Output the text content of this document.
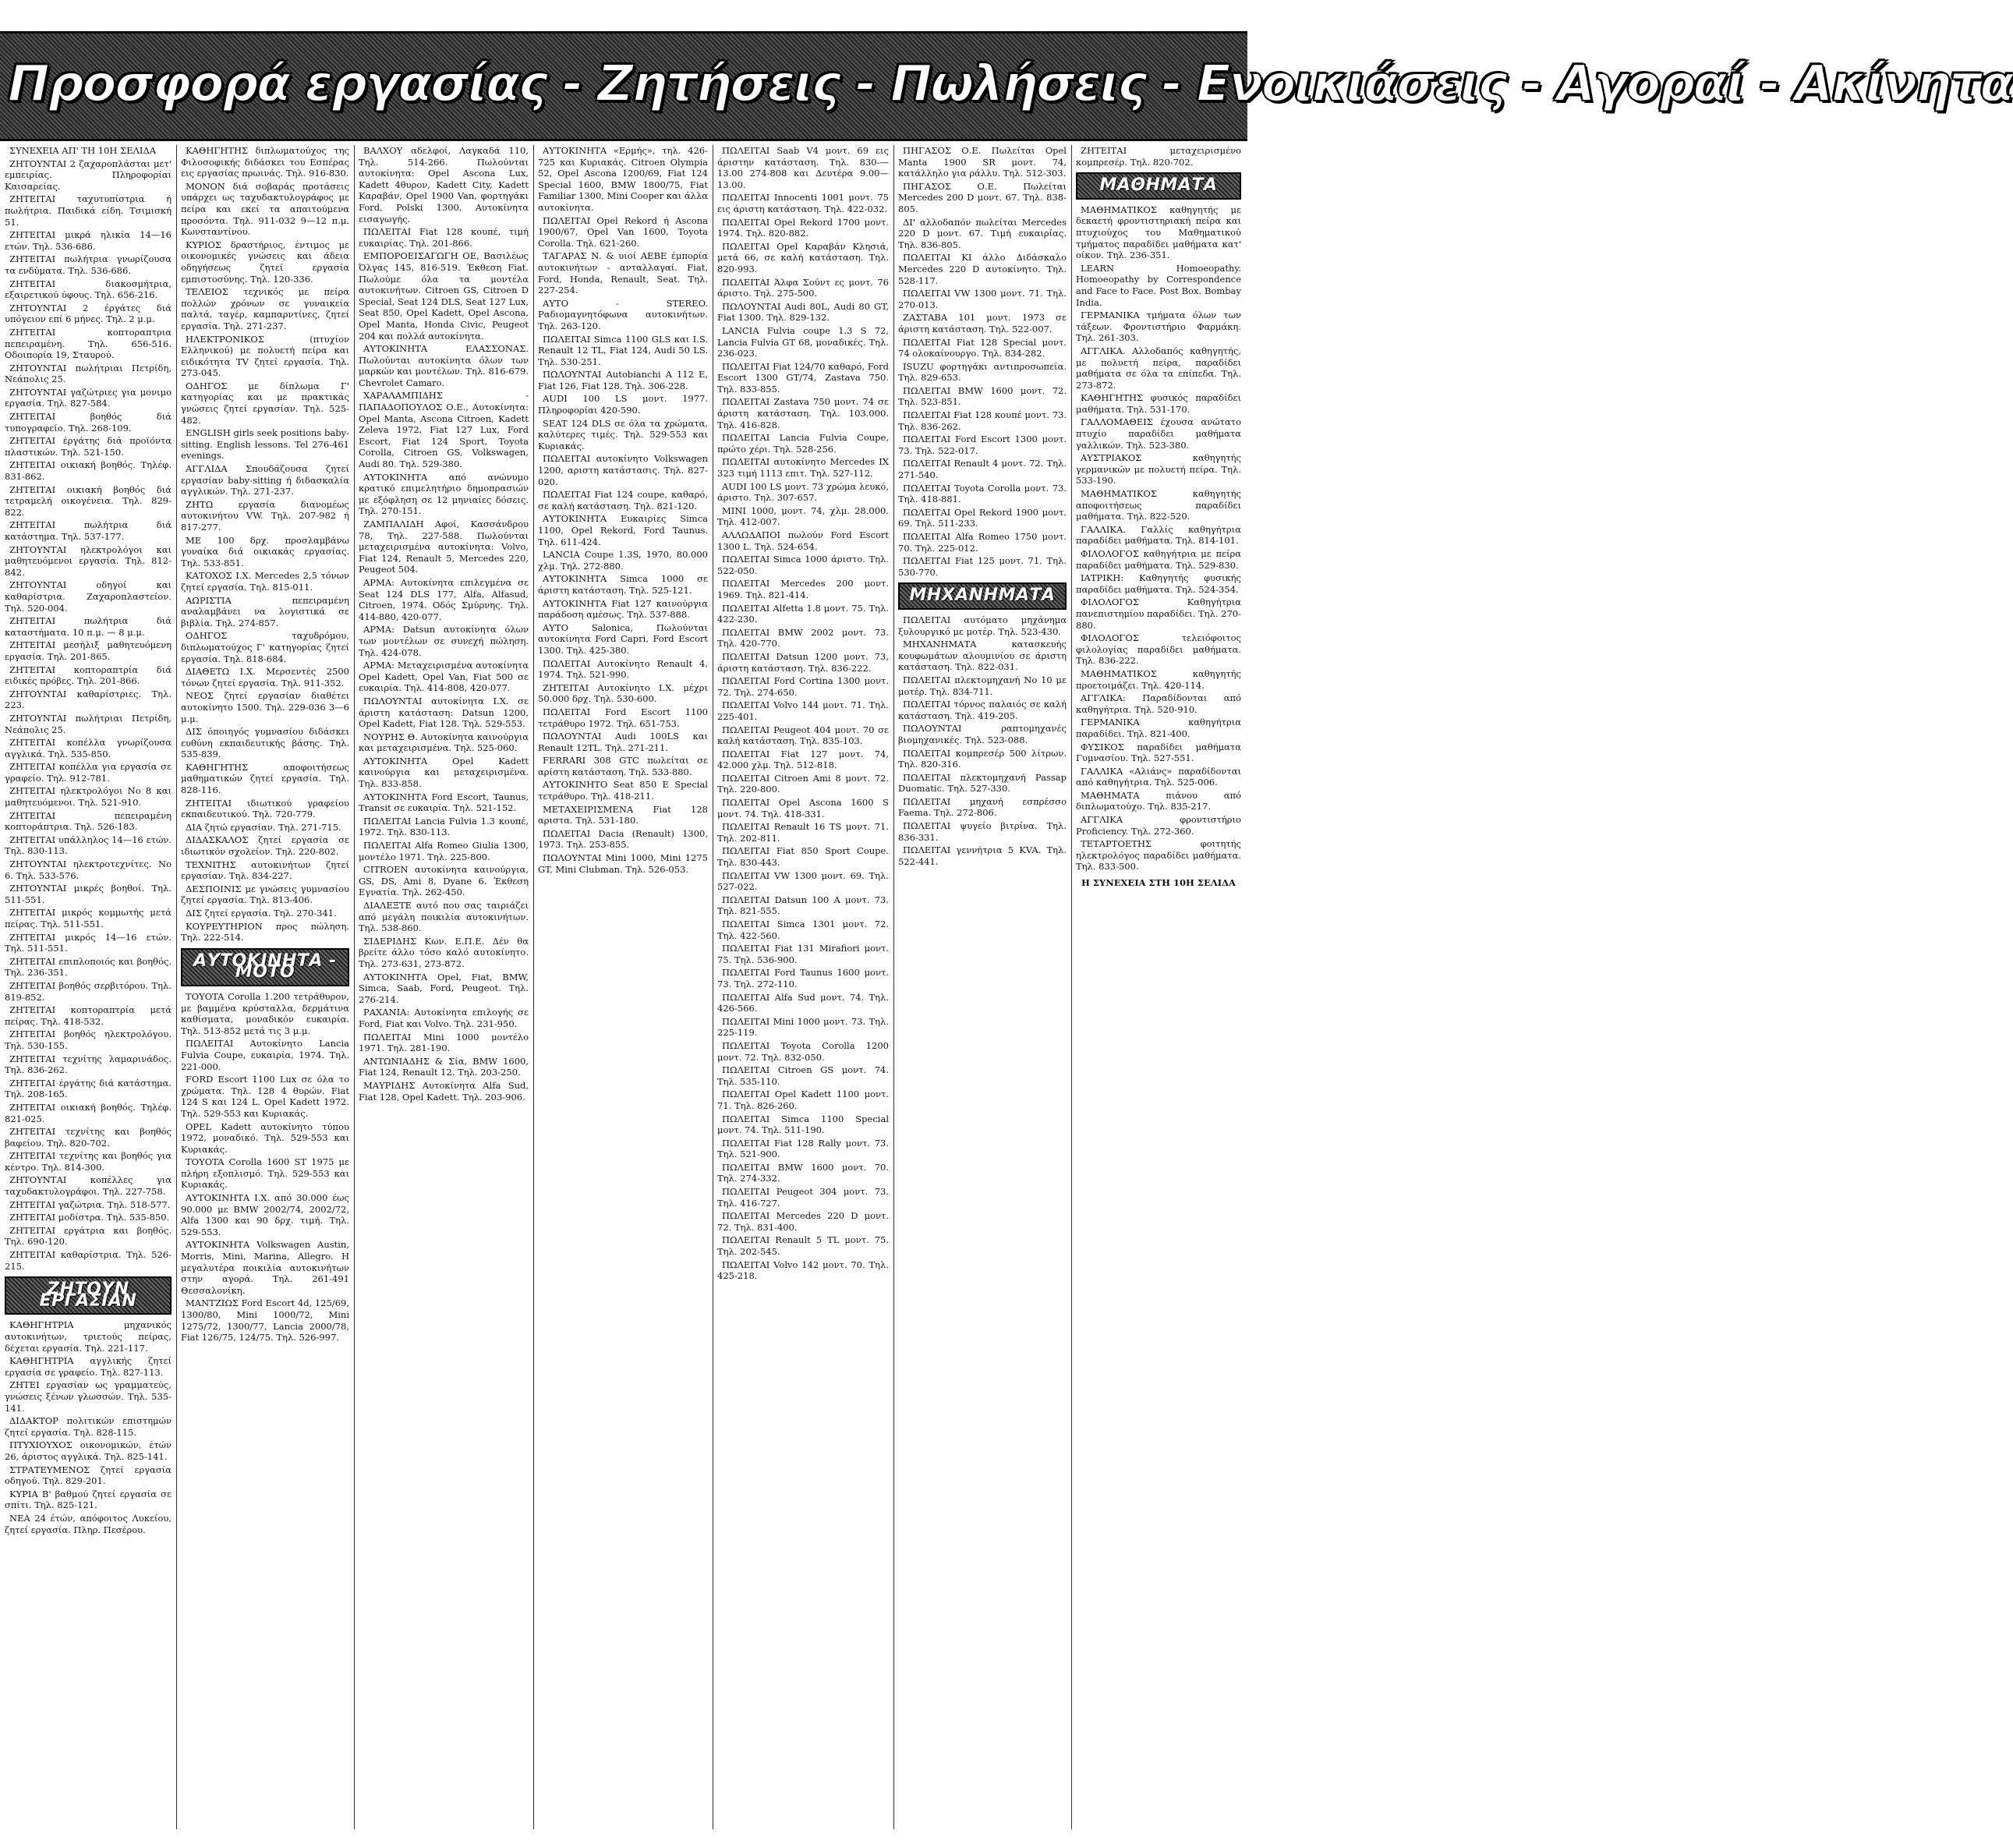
Προσφορά εργασίας - Ζητήσεις - Πωλήσεις - Ενοικιάσεις - Αγοραί - Ακίνητα

ΣΥΝΕΧΕΙΑ ΑΠ' ΤΗ 10Η ΣΕΛΙΔΑ

ΖΗΤΟΥΝΤΑΙ 2 ζαχαροπλάσται μετ' εμπειρίας. Πληροφορίαι Καισαρείας.

ΖΗΤΕΙΤΑΙ ταχυτυπίστρια ή πωλήτρια. Παιδικά είδη. Τσιμισκή 51.

ΖΗΤΕΙΤΑΙ μικρά ηλικία 14—16 ετών. Τηλ. 536-686.

ΖΗΤΕΙΤΑΙ πωλήτρια γνωρίζουσα τα ενδύματα. Τηλ. 536-686.

ΖΗΤΕΙΤΑΙ διακοσμήτρια, εξαιρετικού ύφους. Τηλ. 656-216.

ΖΗΤΟΥΝΤΑΙ 2 έργάτες διά υπόγειον επί 6 μήνες. Τηλ. 2 μ.μ.

ΖΗΤΕΙΤΑΙ κοπτοραπτρια πεπειραμένη. Τηλ. 656-516. Οδοιπορία 19, Σταυρού.

ΖΗΤΟΥΝΤΑΙ πωλήτριαι Πετρίδη, Νεάπολις 25.

ΖΗΤΟΥΝΤΑΙ γαζώτριες για μονιμο εργασία. Τηλ. 827-584.

ΖΗΤΕΙΤΑΙ βοηθός διά τυπογραφείο. Τηλ. 268-109.

ΖΗΤΕΙΤΑΙ έργάτης διά προϊόντα πλαστικών. Τηλ. 521-150.

ΖΗΤΕΙΤΑΙ οικιακή βοηθός. Τηλέφ. 831-862.

ΖΗΤΕΙΤΑΙ οικιακή βοηθός διά τετραμελή οικογένεια. Τηλ. 829-822.

ΖΗΤΕΙΤΑΙ πωλήτρια διά κατάστημα. Τηλ. 537-177.

ΖΗΤΟΥΝΤΑΙ ηλεκτρολόγοι και μαθητευόμενοι εργασία. Τηλ. 812-842.

ΖΗΤΟΥΝΤΑΙ οδηγοί και καθαρίστρια. Ζαχαροπλαστείον. Τηλ. 520-004.

ΖΗΤΕΙΤΑΙ πωλήτρια διά καταστήματα. 10 π.μ. — 8 μ.μ.

ΖΗΤΕΙΤΑΙ μεσήλιξ μαθητευόμενη εργασία. Τηλ. 201-865.

ΖΗΤΕΙΤΑΙ κοπτοραπτρία διά ειδικές πρόβες. Τηλ. 201-866.

ΖΗΤΟΥΝΤΑΙ καθαρίστριες. Τηλ. 223.

ΖΗΤΟΥΝΤΑΙ πωλήτριαι Πετρίδη, Νεάπολις 25.

ΖΗΤΕΙΤΑΙ κοπέλλα γνωρίζουσα αγγλικά. Τηλ. 535-850.

ΖΗΤΕΙΤΑΙ κοπέλλα για εργασία σε γραφείο. Τηλ. 912-781.

ΖΗΤΕΙΤΑΙ ηλεκτρολόγοι Νο 8 και μαθητευόμενοι. Τηλ. 521-910.

ΖΗΤΕΙΤΑΙ πεπειραμένη κοπτοράπτρια. Τηλ. 526-183.

ΖΗΤΕΙΤΑΙ υπάλληλος 14—16 ετών. Τηλ. 830-113.

ΖΗΤΟΥΝΤΑΙ ηλεκτροτεχνίτες. Νο 6. Τηλ. 533-576.

ΖΗΤΟΥΝΤΑΙ μικρές βοηθοί. Τηλ. 511-551.

ΖΗΤΕΙΤΑΙ μικρός κομμωτής μετά πείρας. Τηλ. 511-551.

ΖΗΤΕΙΤΑΙ μικρός 14—16 ετών. Τηλ. 511-551.

ΖΗΤΕΙΤΑΙ επιπλοποιός και βοηθός. Τηλ. 236-351.

ΖΗΤΕΙΤΑΙ βοηθός σερβιτόρου. Τηλ. 819-852.

ΖΗΤΕΙΤΑΙ κοπτοραπτρία μετά πείρας. Τηλ. 418-532.

ΖΗΤΕΙΤΑΙ βοηθός ηλεκτρολόγου. Τηλ. 530-155.

ΖΗΤΕΙΤΑΙ τεχνίτης λαμαρινάδος. Τηλ. 836-262.

ΖΗΤΕΙΤΑΙ έργάτης διά κατάστημα. Τηλ. 208-165.

ΖΗΤΕΙΤΑΙ οικιακή βοηθός. Τηλέφ. 821-025.

ΖΗΤΕΙΤΑΙ τεχνίτης και βοηθός βαφείου. Τηλ. 820-702.

ΖΗΤΕΙΤΑΙ τεχνίτης και βοηθός για κέντρο. Τηλ. 814-300.

ΖΗΤΟΥΝΤΑΙ κοπέλλες για ταχυδακτυλογράφοι. Τηλ. 227-758.

ΖΗΤΕΙΤΑΙ γαζώτρια. Τηλ. 518-577.

ΖΗΤΕΙΤΑΙ μοδίστρα. Τηλ. 535-850.

ΖΗΤΕΙΤΑΙ εργάτρια και βοηθός. Τηλ. 690-120.

ΖΗΤΕΙΤΑΙ καθαρίστρια. Τηλ. 526-215.

ΖΗΤΟΥΝ ΕΡΓΑΣΙΑΝ

ΚΑΘΗΓΗΤΡΙΑ μηχανικός αυτοκινήτων, τριετούς πείρας, δέχεται εργασία. Τηλ. 221-117.

ΚΑΘΗΓΗΤΡΙΑ αγγλικής ζητεί εργασία σε γραφείο. Τηλ. 827-113.

ΖΗΤΕΙ εργασίαν ως γραμματεύς, γνώσεις ξένων γλωσσών. Τηλ. 535-141.

ΔΙΔΑΚΤΟΡ πολιτικών επιστημών ζητεί εργασία. Τηλ. 828-115.

ΠΤΥΧΙΟΥΧΟΣ οικονομικών, έτών 26, άριστος αγγλικά. Τηλ. 825-141.

ΣΤΡΑΤΕΥΜΕΝΟΣ ζητεί εργασία οδηγού. Τηλ. 829-201.

ΚΥΡΙΑ Β' βαθμού ζητεί εργασία σε σπίτι. Τηλ. 825-121.

ΝΕΑ 24 έτών, απόφοιτος Λυκείου, ζητεί εργασία. Πληρ. Πεσέρου.

ΚΑΘΗΓΗΤΗΣ διπλωματούχος της Φιλοσοφικής διδάσκει του Εσπέρας εις εργασίας πρωινάς. Τηλ. 916-830.

ΜΟΝΟΝ διά σοβαράς προτάσεις υπάρχει ως ταχυδακτυλογράφος με πείρα και εκεί τα απαιτούμενα προσόντα. Τηλ. 911-032 9—12 π.μ. Κωνσταντίνου.

ΚΥΡΙΟΣ δραστήριος, έντιμος με οικονομικές γνώσεις και άδεια οδηγήσεως ζητεί εργασία εμπιστοσύνης. Τηλ. 120-336.

ΤΕΛΕΙΟΣ τεχνικός με πείρα πολλών χρόνων σε γυναικεία παλτά, ταγέρ, καμπαρντίνες, ζητεί εργασία. Τηλ. 271-237.

ΗΛΕΚΤΡΟΝΙΚΟΣ (πτυχίον Ελληνικού) με πολυετή πείρα και ειδικότητα TV ζητεί εργασία. Τηλ. 273-045.

ΟΔΗΓΟΣ με δίπλωμα Γ' κατηγορίας και με πρακτικάς γνώσεις ζητεί εργασίαν. Τηλ. 525-482.

ENGLISH girls seek positions baby-sitting. English lessons. Tel 276-461 evenings.

ΑΓΓΛΙΔΑ Σπουδάζουσα ζητεί εργασίαν baby-sitting ή διδασκαλία αγγλικών. Τηλ. 271-237.

ΖΗΤΩ εργασία διανομέως αυτοκινήτου VW. Τηλ. 207-982 ή 817-277.

ΜΕ 100 δρχ. προσλαμβάνω γυναίκα διά οικιακάς εργασίας. Τηλ. 533-851.

ΚΑΤΟΧΟΣ Ι.Χ. Mercedes 2,5 τόνων ζητεί εργασία. Τηλ. 815-011.

ΑΩΡΙΣΤΙΑ πεπειραμένη αναλαμβάνει να λογιστικά σε βιβλία. Τηλ. 274-857.

ΟΔΗΓΟΣ ταχυδρόμου, διπλωματούχος Γ' κατηγορίας ζητεί εργασία. Τηλ. 818-684.

ΔΙΑΘΕΤΩ Ι.Χ. Μερσεντές 2500 τόνων ζητεί εργασία. Τηλ. 911-352.

ΝΕΟΣ ζητεί εργασίαν διαθέτει αυτοκίνητο 1500. Τηλ. 229-036 3—6 μ.μ.

ΔΙΣ όποιηγός γυμνασίου διδάσκει ευθύνη εκπαιδευτικής βάσης. Τηλ. 535-839.

ΚΑΘΗΓΗΤΗΣ αποφοιτήσεως μαθηματικών ζητεί εργασία. Τηλ. 828-116.

ΖΗΤΕΙΤΑΙ ιδιωτικού γραφείου εκπαιδευτικού. Τηλ. 720-779.

ΔΙΑ ζητώ εργασίαν. Τηλ. 271-715.

ΔΙΔΑΣΚΑΛΟΣ ζητεί εργασία σε ιδιωτικόν σχολείον. Τηλ. 220-802.

ΤΕΧΝΙΤΗΣ αυτοκινήτων ζητεί εργασίαν. Τηλ. 834-227.

ΔΕΣΠΟΙΝΙΣ με γνώσεις γυμνασίου ζητεί εργασία. Τηλ. 813-406.

ΔΙΣ ζητεί εργασία. Τηλ. 270-341.

ΚΟΥΡΕΥΤΗΡΙΟΝ προς πώληση. Τηλ. 222-514.

ΑΥΤΟΚΙΝΗΤΑ - ΜΟΤΟ

TOYOTA Corolla 1.200 τετράθυρον, με βαμμένα κρύσταλλα, δερμάτινα καθίσματα, μοναδικόν ευκαιρία. Τηλ. 513-852 μετά τις 3 μ.μ.

ΠΩΛΕΙΤΑΙ Αυτοκίνητο Lancia Fulvia Coupe, ευκαιρία, 1974. Τηλ. 221-000.

FORD Escort 1100 Lux σε όλα το χρώματα. Τηλ. 128 4 θυρών. Fiat 124 S και 124 L. Opel Kadett 1972. Τηλ. 529-553 και Κυριακάς.

OPEL Kadett αυτοκίνητο τύπου 1972, μοναδικό. Τηλ. 529-553 και Κυριακάς.

TOYOTA Corolla 1600 ST 1975 με πλήρη εξοπλισμό. Τηλ. 529-553 και Κυριακάς.

ΑΥΤΟΚΙΝΗΤΑ I.X. από 30.000 έως 90.000 με BMW 2002/74, 2002/72, Alfa 1300 και 90 δρχ. τιμή. Τηλ. 529-553.

ΑΥΤΟΚΙΝΗΤΑ Volkswagen Austin, Morris, Mini, Marina, Allegro. Η μεγαλυτέρα ποικιλία αυτοκινήτων στην αγορά. Τηλ. 261-491 Θεσσαλονίκη.

ΜΑΝΤΖΙΩΣ Ford Escort 4d, 125/69, 1300/80, Mini 1000/72, Mini 1275/72, 1300/77, Lancia 2000/78, Fiat 126/75, 124/75. Τηλ. 526-997.

ΒΑΛΧΟΥ αδελφοί, Λαγκαδά 110, Τηλ. 514-266. Πωλούνται αυτοκίνητα: Opel Ascona Lux, Kadett 4θυρον, Kadett City, Kadett Καραβάν, Opel 1900 Van, φορτηγάκι Ford, Polski 1300, Αυτοκίνητα εισαγωγής.

ΠΩΛΕΙΤΑΙ Fiat 128 κουπέ, τιμή ευκαιρίας. Τηλ. 201-866.

ΕΜΠΟΡΟΕΙΣΑΓΩΓΗ ΟΕ, Βασιλέως Όλγας 145, 816-519. Έκθεση Fiat. Πωλούμε όλα τα μοντέλα αυτοκινήτων. Citroen GS, Citroen D Special, Seat 124 DLS, Seat 127 Lux, Seat 850, Opel Kadett, Opel Ascona, Opel Manta, Honda Civic, Peugeot 204 και πολλά αυτοκίνητα.

ΑΥΤΟΚΙΝΗΤΑ ΕΛΑΣΣΟΝΑΣ. Πωλούνται αυτοκίνητα όλων των μαρκών και μοντέλων. Τηλ. 816-679. Chevrolet Camaro.

ΧΑΡΑΛΑΜΠΙΔΗΣ - ΠΑΠΑΔΟΠΟΥΛΟΣ Ο.Ε., Αυτοκίνητα: Opel Manta, Ascona Citroen, Kadett Zeleva 1972, Fiat 127 Lux, Ford Escort, Fiat 124 Sport, Toyota Corolla, Citroen GS, Volkswagen, Audi 80. Τηλ. 529-380.

ΑΥΤΟΚΙΝΗΤΑ από ανώνυμο κρατικό επιμελητήριο δημοπρασιών με εξόφληση σε 12 μηνιαίες δόσεις. Τηλ. 270-151.

ΖΑΜΠΑΛΙΔΗ Αφοί, Κασσάνδρου 78, Τηλ. 227-588. Πωλούνται μεταχειρισμένα αυτοκίνητα: Volvo, Fiat 124, Renault 5, Mercedes 220, Peugeot 504.

ΑΡΜΑ: Αυτοκίνητα επιλεγμένα σε Seat 124 DLS 177, Alfa, Alfasud, Citroen, 1974. Οδός Σμύρνης. Τηλ. 414-880, 420-077.

ΑΡΜΑ: Datsun αυτοκίνητα όλων των μοντέλων σε συνεχή πώληση. Τηλ. 424-078.

ΑΡΜΑ: Μεταχειρισμένα αυτοκίνητα Opel Kadett, Opel Van, Fiat 500 σε ευκαιρία. Τηλ. 414-808, 420-077.

ΠΩΛΟΥΝΤΑΙ αυτοκίνητα Ι.Χ. σε άριστη κατάσταση: Datsun 1200, Opel Kadett, Fiat 128. Τηλ. 529-553.

ΝΟΥΡΗΣ Θ. Αυτοκίνητα καινούργια και μεταχειρισμένα. Τηλ. 525-060.

ΑΥΤΟΚΙΝΗΤΑ Opel Kadett καινούργια και μεταχειρισμένα. Τηλ. 833-858.

ΑΥΤΟΚΙΝΗΤΑ Ford Escort, Taunus, Transit σε ευκαιρία. Τηλ. 521-152.

ΠΩΛΕΙΤΑΙ Lancia Fulvia 1.3 κουπέ, 1972. Τηλ. 830-113.

ΠΩΛΕΙΤΑΙ Alfa Romeo Giulia 1300, μοντέλο 1971. Τηλ. 225-800.

CITROEN αυτοκίνητα καινούργια, GS, DS, Ami 8, Dyane 6. Έκθεση Εγνατία. Τηλ. 262-450.

ΔΙΑΛΕΞΤΕ αυτό που σας ταιριάζει από μεγάλη ποικιλία αυτοκινήτων. Τηλ. 538-860.

ΣΙΔΕΡΙΔΗΣ Κων. Ε.Π.Ε. Δέν θα βρείτε άλλο τόσο καλό αυτοκίνητο. Τηλ. 273-631, 273-872.

ΑΥΤΟΚΙΝΗΤΑ Opel, Fiat, BMW, Simca, Saab, Ford, Peugeot. Τηλ. 276-214.

ΡΑΧΑΝΙΑ: Αυτοκίνητα επιλογής σε Ford, Fiat και Volvo. Τηλ. 231-950.

ΠΩΛΕΙΤΑΙ Mini 1000 μοντέλο 1971. Τηλ. 281-190.

ΑΝΤΩΝΙΑΔΗΣ & Σία, BMW 1600, Fiat 124, Renault 12. Τηλ. 203-250.

ΜΑΥΡΙΔΗΣ Αυτοκίνητα Alfa Sud, Fiat 128, Opel Kadett. Τηλ. 203-906.

ΑΥΤΟΚΙΝΗΤΑ «Ερμής», τηλ. 426-725 και Κυριακάς. Citroen Olympia 52, Opel Ascona 1200/69, Fiat 124 Special 1600, BMW 1800/75, Fiat Familiar 1300, Mini Cooper και άλλα αυτοκίνητα.

ΠΩΛΕΙΤΑΙ Opel Rekord ή Ascona 1900/67, Opel Van 1600, Toyota Corolla. Τηλ. 621-260.

ΤΑΓΑΡΑΣ Ν. & υιοί ΑΕΒΕ έμπορία αυτοκινήτων - ανταλλαγαί. Fiat, Ford, Honda, Renault, Seat. Τηλ. 227-254.

ΑΥΤΟ - STEREO. Ραδιομαγνητόφωνα αυτοκινήτων. Τηλ. 263-120.

ΠΩΛΕΙΤΑΙ Simca 1100 GLS και I.S. Renault 12 TL, Fiat 124, Audi 50 LS. Τηλ. 530-251.

ΠΩΛΟΥΝΤΑΙ Autobianchi A 112 E, Fiat 126, Fiat 128. Τηλ. 306-228.

AUDI 100 LS μοντ. 1977. Πληροφορίαι 420-590.

SEAT 124 DLS σε όλα τα χρώματα, καλύτερες τιμές. Τηλ. 529-553 και Κυριακάς.

ΠΩΛΕΙΤΑΙ αυτοκίνητο Volkswagen 1200, αριστη κατάστασις. Τηλ. 827-020.

ΠΩΛΕΙΤΑΙ Fiat 124 coupe, καθαρό, σε καλή κατάσταση. Τηλ. 821-120.

ΑΥΤΟΚΙΝΗΤΑ Ευκαιρίες Simca 1100, Opel Rekord, Ford Taunus. Τηλ. 611-424.

LANCIA Coupe 1.3S, 1970, 80.000 χλμ. Τηλ. 272-880.

ΑΥΤΟΚΙΝΗΤΑ Simca 1000 σε άριστη κατάσταση. Τηλ. 525-121.

ΑΥΤΟΚΙΝΗΤΑ Fiat 127 καινούργια παράδοση αμέσως. Τηλ. 537-888.

ΑΥΤΟ Salonica, Πωλούνται αυτοκίνητα Ford Capri, Ford Escort 1300. Τηλ. 425-380.

ΠΩΛΕΙΤΑΙ Αυτοκίνητο Renault 4, 1974. Τηλ. 521-990.

ΖΗΤΕΙΤΑΙ Αυτοκίνητο Ι.Χ. μέχρι 50.000 δρχ. Τηλ. 530-600.

ΠΩΛΕΙΤΑΙ Ford Escort 1100 τετράθυρο 1972. Τηλ. 651-753.

ΠΩΛΟΥΝΤΑΙ Audi 100LS και Renault 12TL. Τηλ. 271-211.

FERRARI 308 GTC πωλείται σε αρίστη κατάσταση. Τηλ. 533-880.

ΑΥΤΟΚΙΝΗΤΟ Seat 850 E Special τετράθυρο. Τηλ. 418-211.

ΜΕΤΑΧΕΙΡΙΣΜΕΝΑ Fiat 128 αριστα. Τηλ. 531-180.

ΠΩΛΕΙΤΑΙ Dacia (Renault) 1300, 1973. Τηλ. 253-855.

ΠΩΛΟΥΝΤΑΙ Mini 1000, Mini 1275 GT, Mini Clubman. Τηλ. 526-053.

ΠΩΛΕΙΤΑΙ Saab V4 μοντ. 69 εις άριστην κατάσταση. Τηλ. 830-—13.00 274-808 και Δευτέρα 9.00—13.00.

ΠΩΛΕΙΤΑΙ Innocenti 1001 μοντ. 75 εις άριστη κατάσταση. Τηλ. 422-032.

ΠΩΛΕΙΤΑΙ Opel Rekord 1700 μοντ. 1974. Τηλ. 820-882.

ΠΩΛΕΙΤΑΙ Opel Καραβάν Κλησιά, μετά 66, σε καλή κατάσταση. Τηλ. 820-993.

ΠΩΛΕΙΤΑΙ Άλφα Σούντ ες μοντ. 76 άριστο. Τηλ. 275-500.

ΠΩΛΟΥΝΤΑΙ Audi 80L, Audi 80 GT, Fiat 1300. Τηλ. 829-132.

LANCIA Fulvia coupe 1.3 S 72, Lancia Fulvia GT 68, μοναδικές. Τηλ. 236-023.

ΠΩΛΕΙΤΑΙ Fiat 124/70 καθαρό, Ford Escort 1300 GT/74, Zastava 750. Τηλ. 833-855.

ΠΩΛΕΙΤΑΙ Zastava 750 μοντ. 74 σε άριστη κατάσταση. Τηλ. 103.000. Τηλ. 416-828.

ΠΩΛΕΙΤΑΙ Lancia Fulvia Coupe, πρώτο χέρι. Τηλ. 528-256.

ΠΩΛΕΙΤΑΙ αυτοκίνητο Mercedes IX 323 τιμή 1113 επιτ. Τηλ. 527-112.

AUDI 100 LS μοντ. 73 χρώμα λευκό, άριστο. Τηλ. 307-657.

MINI 1000, μοντ. 74, χλμ. 28.000. Τηλ. 412-007.

ΑΛΛΩΔΑΠΟΙ πωλούν Ford Escort 1300 L. Τηλ. 524-654.

ΠΩΛΕΙΤΑΙ Simca 1000 άριστο. Τηλ. 522-050.

ΠΩΛΕΙΤΑΙ Mercedes 200 μοντ. 1969. Τηλ. 821-414.

ΠΩΛΕΙΤΑΙ Alfetta 1.8 μοντ. 75. Τηλ. 422-230.

ΠΩΛΕΙΤΑΙ BMW 2002 μοντ. 73. Τηλ. 420-770.

ΠΩΛΕΙΤΑΙ Datsun 1200 μοντ. 73, άριστη κατάσταση. Τηλ. 836-222.

ΠΩΛΕΙΤΑΙ Ford Cortina 1300 μοντ. 72. Τηλ. 274-650.

ΠΩΛΕΙΤΑΙ Volvo 144 μοντ. 71. Τηλ. 225-401.

ΠΩΛΕΙΤΑΙ Peugeot 404 μοντ. 70 σε καλή κατάσταση. Τηλ. 835-103.

ΠΩΛΕΙΤΑΙ Fiat 127 μοντ. 74, 42.000 χλμ. Τηλ. 512-818.

ΠΩΛΕΙΤΑΙ Citroen Ami 8 μοντ. 72. Τηλ. 220-800.

ΠΩΛΕΙΤΑΙ Opel Ascona 1600 S μοντ. 74. Τηλ. 418-331.

ΠΩΛΕΙΤΑΙ Renault 16 TS μοντ. 71. Τηλ. 202-811.

ΠΩΛΕΙΤΑΙ Fiat 850 Sport Coupe. Τηλ. 830-443.

ΠΩΛΕΙΤΑΙ VW 1300 μοντ. 69. Τηλ. 527-022.

ΠΩΛΕΙΤΑΙ Datsun 100 A μοντ. 73. Τηλ. 821-555.

ΠΩΛΕΙΤΑΙ Simca 1301 μοντ. 72. Τηλ. 422-560.

ΠΩΛΕΙΤΑΙ Fiat 131 Mirafiori μοντ. 75. Τηλ. 536-900.

ΠΩΛΕΙΤΑΙ Ford Taunus 1600 μοντ. 73. Τηλ. 272-110.

ΠΩΛΕΙΤΑΙ Alfa Sud μοντ. 74. Τηλ. 426-566.

ΠΩΛΕΙΤΑΙ Mini 1000 μοντ. 73. Τηλ. 225-119.

ΠΩΛΕΙΤΑΙ Toyota Corolla 1200 μοντ. 72. Τηλ. 832-050.

ΠΩΛΕΙΤΑΙ Citroen GS μοντ. 74. Τηλ. 535-110.

ΠΩΛΕΙΤΑΙ Opel Kadett 1100 μοντ. 71. Τηλ. 826-260.

ΠΩΛΕΙΤΑΙ Simca 1100 Special μοντ. 74. Τηλ. 511-190.

ΠΩΛΕΙΤΑΙ Fiat 128 Rally μοντ. 73. Τηλ. 521-900.

ΠΩΛΕΙΤΑΙ BMW 1600 μοντ. 70. Τηλ. 274-332.

ΠΩΛΕΙΤΑΙ Peugeot 304 μοντ. 73. Τηλ. 416-727.

ΠΩΛΕΙΤΑΙ Mercedes 220 D μοντ. 72. Τηλ. 831-400.

ΠΩΛΕΙΤΑΙ Renault 5 TL μοντ. 75. Τηλ. 202-545.

ΠΩΛΕΙΤΑΙ Volvo 142 μοντ. 70. Τηλ. 425-218.

ΠΗΓΑΣΟΣ Ο.Ε. Πωλείται Opel Manta 1900 SR μοντ. 74, κατάλληλο για ράλλυ. Τηλ. 512-303.

ΠΗΓΑΣΟΣ Ο.Ε. Πωλείται Mercedes 200 D μοντ. 67. Τηλ. 838-805.

ΔΙ' αλλοδαπόν πωλείται Mercedes 220 D μοντ. 67. Τιμή ευκαιρίας. Τηλ. 836-805.

ΠΩΛΕΙΤΑΙ ΚΙ άλλο Διδάσκαλο Mercedes 220 D αυτοκίνητο. Τηλ. 528-117.

ΠΩΛΕΙΤΑΙ VW 1300 μοντ. 71. Τηλ. 270-013.

ΖΑΣΤΑΒΑ 101 μοντ. 1973 σε άριστη κατάσταση. Τηλ. 522-007.

ΠΩΛΕΙΤΑΙ Fiat 128 Special μοντ. 74 ολοκαίνουργο. Τηλ. 834-282.

ISUZU φορτηγάκι αντιπροσωπεία. Τηλ. 829-653.

ΠΩΛΕΙΤΑΙ BMW 1600 μοντ. 72. Τηλ. 523-851.

ΠΩΛΕΙΤΑΙ Fiat 128 κουπέ μοντ. 73. Τηλ. 836-262.

ΠΩΛΕΙΤΑΙ Ford Escort 1300 μοντ. 73. Τηλ. 522-017.

ΠΩΛΕΙΤΑΙ Renault 4 μοντ. 72. Τηλ. 271-540.

ΠΩΛΕΙΤΑΙ Toyota Corolla μοντ. 73. Τηλ. 418-881.

ΠΩΛΕΙΤΑΙ Opel Rekord 1900 μοντ. 69. Τηλ. 511-233.

ΠΩΛΕΙΤΑΙ Alfa Romeo 1750 μοντ. 70. Τηλ. 225-012.

ΠΩΛΕΙΤΑΙ Fiat 125 μοντ. 71. Τηλ. 530-770.

ΜΗΧΑΝΗΜΑΤΑ

ΠΩΛΕΙΤΑΙ αυτόματο μηχάνημα ξυλουργικό με μοτέρ. Τηλ. 523-430.

ΜΗΧΑΝΗΜΑΤΑ κατασκευής κουφωμάτων αλουμινίου σε άριστη κατάσταση. Τηλ. 822-031.

ΠΩΛΕΙΤΑΙ πλεκτομηχανή Νο 10 με μοτέρ. Τηλ. 834-711.

ΠΩΛΕΙΤΑΙ τόρνος παλαιός σε καλή κατάσταση. Τηλ. 419-205.

ΠΩΛΟΥΝΤΑΙ ραπτομηχανές βιομηχανικές. Τηλ. 523-088.

ΠΩΛΕΙΤΑΙ κομπρεσέρ 500 λίτρων. Τηλ. 820-316.

ΠΩΛΕΙΤΑΙ πλεκτομηχανή Passap Duomatic. Τηλ. 527-330.

ΠΩΛΕΙΤΑΙ μηχανή εσπρέσσο Faema. Τηλ. 272-806.

ΠΩΛΕΙΤΑΙ ψυγείο βιτρίνα. Τηλ. 836-331.

ΠΩΛΕΙΤΑΙ γεννήτρια 5 KVA. Τηλ. 522-441.

ΖΗΤΕΙΤΑΙ μεταχειρισμένο κομπρεσέρ. Τηλ. 820-702.

ΜΑΘΗΜΑΤΑ

ΜΑΘΗΜΑΤΙΚΟΣ καθηγητής με δεκαετή φροντιστηριακή πείρα και πτυχιούχος του Μαθηματικού τμήματος παραδίδει μαθήματα κατ' οίκον. Τηλ. 236-351.

LEARN Homoeopathy. Homoeopathy by Correspondence and Face to Face. Post Box. Bombay India.

ΓΕΡΜΑΝΙΚΑ τμήματα όλων των τάξεων. Φροντιστήριο Φαρμάκη. Τηλ. 261-303.

ΑΓΓΛΙΚΑ. Αλλοδαπός καθηγητής, με πολυετή πείρα, παραδίδει μαθήματα σε όλα τα επίπεδα. Τηλ. 273-872.

ΚΑΘΗΓΗΤΗΣ φυσικός παραδίδει μαθήματα. Τηλ. 531-170.

ΓΑΛΛΟΜΑΘΕΙΣ έχουσα ανώτατο πτυχίο παραδίδει μαθήματα γαλλικών. Τηλ. 523-380.

ΑΥΣΤΡΙΑΚΟΣ καθηγητής γερμανικών με πολυετή πείρα. Τηλ. 533-190.

ΜΑΘΗΜΑΤΙΚΟΣ καθηγητής αποφοιτήσεως παραδίδει μαθήματα. Τηλ. 822-520.

ΓΑΛΛΙΚΑ. Γαλλίς καθηγήτρια παραδίδει μαθήματα. Τηλ. 814-101.

ΦΙΛΟΛΟΓΟΣ καθηγήτρια με πείρα παραδίδει μαθήματα. Τηλ. 529-830.

ΙΑΤΡΙΚΗ: Καθηγητής φυσικής παραδίδει μαθήματα. Τηλ. 524-354.

ΦΙΛΟΛΟΓΟΣ Καθηγήτρια πανεπιστημίου παραδίδει. Τηλ. 270-880.

ΦΙΛΟΛΟΓΟΣ τελειόφοιτος φιλολογίας παραδίδει μαθήματα. Τηλ. 836-222.

ΜΑΘΗΜΑΤΙΚΟΣ καθηγητής προετοιμάζει. Τηλ. 420-114.

ΑΓΓΛΙΚΑ: Παραδίδονται από καθηγήτρια. Τηλ. 520-910.

ΓΕΡΜΑΝΙΚΑ καθηγήτρια παραδίδει. Τηλ. 821-400.

ΦΥΣΙΚΟΣ παραδίδει μαθήματα Γυμνασίου. Τηλ. 527-551.

ΓΑΛΛΙΚΑ «Αλιάνς» παραδίδονται από καθηγήτρια. Τηλ. 525-006.

ΜΑΘΗΜΑΤΑ πιάνου από διπλωματούχο. Τηλ. 835-217.

ΑΓΓΛΙΚΑ φροντιστήριο Proficiency. Τηλ. 272-360.

ΤΕΤΑΡΤΟΕΤΗΣ φοιτητής ηλεκτρολόγος παραδίδει μαθήματα. Τηλ. 833-500.

Η ΣΥΝΕΧΕΙΑ ΣΤΗ 10Η ΣΕΛΙΔΑ
